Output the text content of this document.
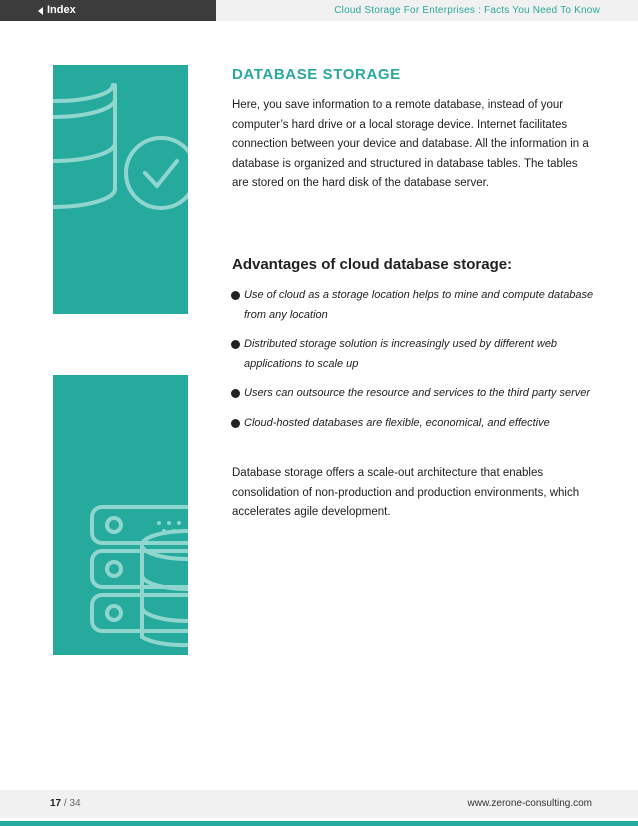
Index	Cloud Storage For Enterprises : Facts You Need To Know
DATABASE STORAGE

Here, you save information to a remote database, instead of your computer’s hard drive or a local storage device. Internet facilitates connection between your device and database. All the information in a database is organized and structured in database tables. The tables are stored on the hard disk of the database server.

Advantages of cloud database storage:
Use of cloud as a storage location helps to mine and compute database from any location
Distributed storage solution is increasingly used by different web applications to scale up
Users can outsource the resource and services to the third party server
Cloud-hosted databases are flexible, economical, and effective

Database storage offers a scale-out architecture that enables consolidation of non-production and production environments, which accelerates agile development.

17 / 34	www.zerone-consulting.com
